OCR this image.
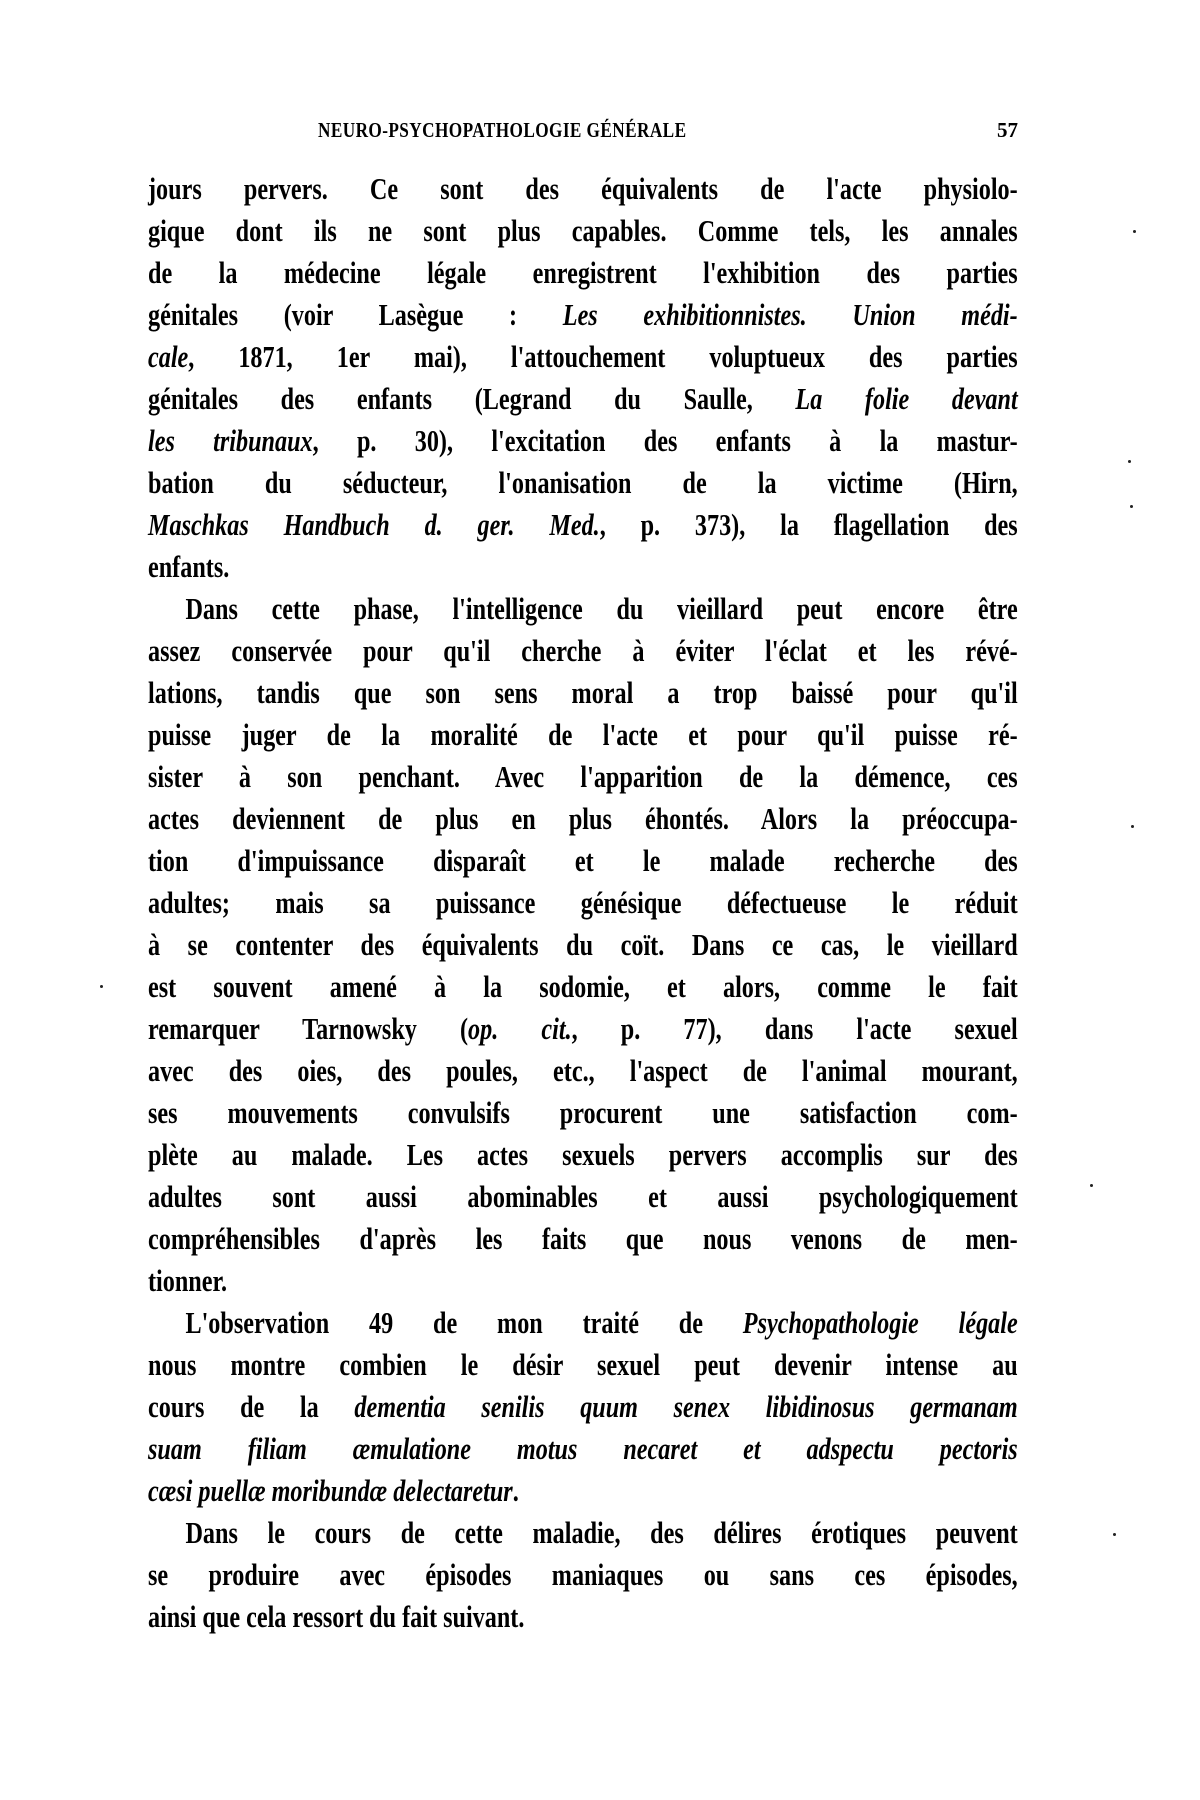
NEURO-PSYCHOPATHOLOGIE GÉNÉRALE	57
jours pervers. Ce sont des équivalents de l'acte physiolo-
gique dont ils ne sont plus capables. Comme tels, les annales
de la médecine légale enregistrent l'exhibition des parties
génitales (voir Lasègue : Les exhibitionnistes. Union médi-
cale, 1871, 1er mai), l'attouchement voluptueux des parties
génitales des enfants (Legrand du Saulle, La folie devant
les tribunaux, p. 30), l'excitation des enfants à la mastur-
bation du séducteur, l'onanisation de la victime (Hirn,
Maschkas Handbuch d. ger. Med., p. 373), la flagellation des
enfants.
Dans cette phase, l'intelligence du vieillard peut encore être
assez conservée pour qu'il cherche à éviter l'éclat et les révé-
lations, tandis que son sens moral a trop baissé pour qu'il
puisse juger de la moralité de l'acte et pour qu'il puisse ré-
sister à son penchant. Avec l'apparition de la démence, ces
actes deviennent de plus en plus éhontés. Alors la préoccupa-
tion d'impuissance disparaît et le malade recherche des
adultes; mais sa puissance génésique défectueuse le réduit
à se contenter des équivalents du coït. Dans ce cas, le vieillard
est souvent amené à la sodomie, et alors, comme le fait
remarquer Tarnowsky (op. cit., p. 77), dans l'acte sexuel
avec des oies, des poules, etc., l'aspect de l'animal mourant,
ses mouvements convulsifs procurent une satisfaction com-
plète au malade. Les actes sexuels pervers accomplis sur des
adultes sont aussi abominables et aussi psychologiquement
compréhensibles d'après les faits que nous venons de men-
tionner.
L'observation 49 de mon traité de Psychopathologie légale
nous montre combien le désir sexuel peut devenir intense au
cours de la dementia senilis quum senex libidinosus germanam
suam filiam æmulatione motus necaret et adspectu pectoris
cæsi puellæ moribundæ delectaretur.
Dans le cours de cette maladie, des délires érotiques peuvent
se produire avec épisodes maniaques ou sans ces épisodes,
ainsi que cela ressort du fait suivant.
